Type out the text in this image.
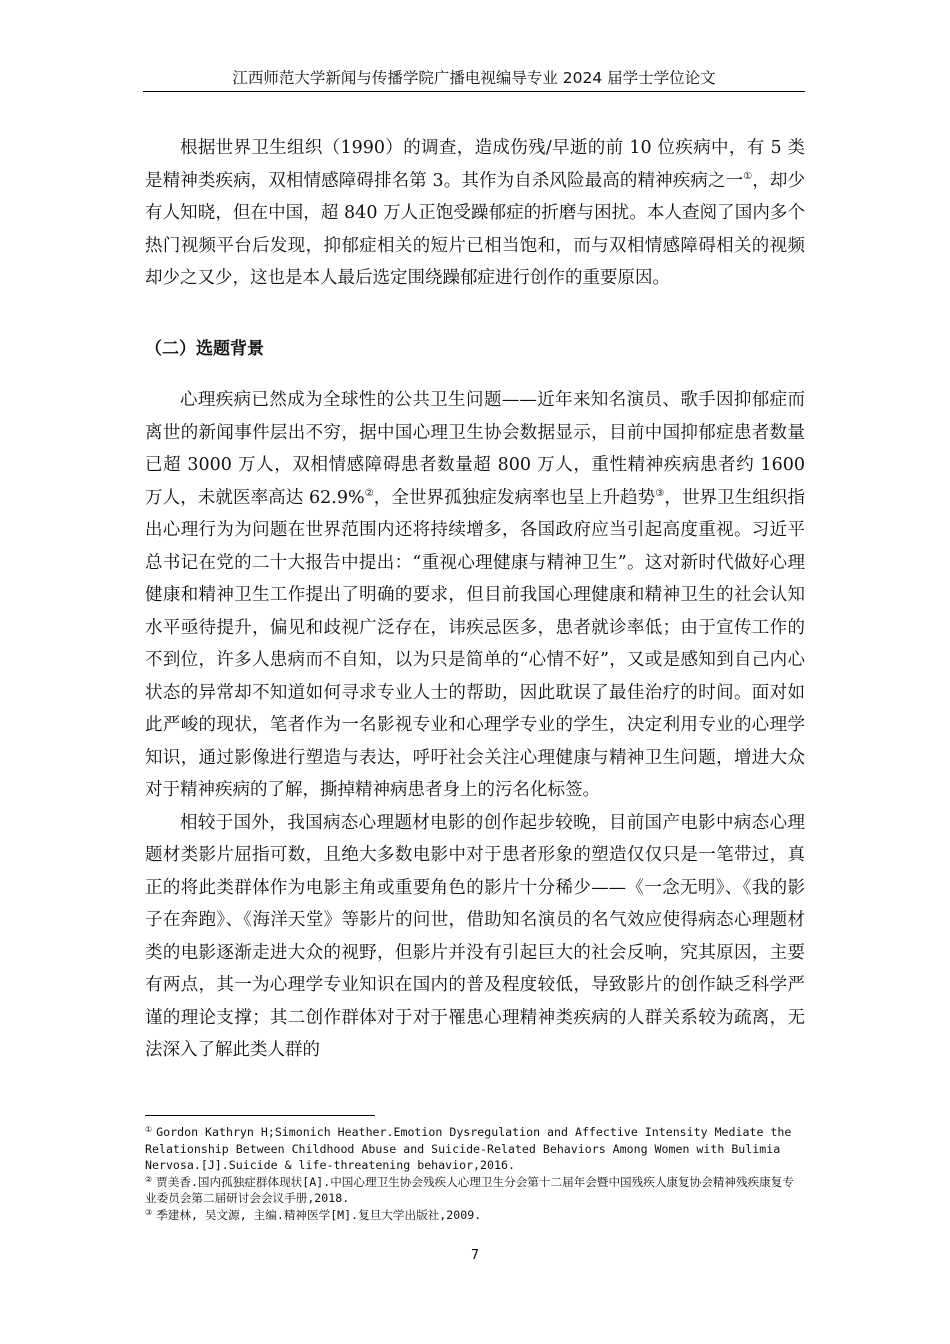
江西师范大学新闻与传播学院广播电视编导专业 2024 届学士学位论文

根据世界卫生组织（1990）的调查，造成伤残/早逝的前 10 位疾病中，有 5 类是精神类疾病，双相情感障碍排名第 3。其作为自杀风险最高的精神疾病之一①，却少有人知晓，但在中国，超 840 万人正饱受躁郁症的折磨与困扰。本人查阅了国内多个热门视频平台后发现，抑郁症相关的短片已相当饱和，而与双相情感障碍相关的视频却少之又少，这也是本人最后选定围绕躁郁症进行创作的重要原因。

（二）选题背景

心理疾病已然成为全球性的公共卫生问题——近年来知名演员、歌手因抑郁症而离世的新闻事件层出不穷，据中国心理卫生协会数据显示，目前中国抑郁症患者数量已超 3000 万人，双相情感障碍患者数量超 800 万人，重性精神疾病患者约 1600 万人，未就医率高达 62.9%②，全世界孤独症发病率也呈上升趋势③，世界卫生组织指出心理行为为问题在世界范围内还将持续增多，各国政府应当引起高度重视。习近平总书记在党的二十大报告中提出：“重视心理健康与精神卫生”。这对新时代做好心理健康和精神卫生工作提出了明确的要求，但目前我国心理健康和精神卫生的社会认知水平亟待提升，偏见和歧视广泛存在，讳疾忌医多，患者就诊率低；由于宣传工作的不到位，许多人患病而不自知，以为只是简单的“心情不好”，又或是感知到自己内心状态的异常却不知道如何寻求专业人士的帮助，因此耽误了最佳治疗的时间。面对如此严峻的现状，笔者作为一名影视专业和心理学专业的学生，决定利用专业的心理学知识，通过影像进行塑造与表达，呼吁社会关注心理健康与精神卫生问题，增进大众对于精神疾病的了解，撕掉精神病患者身上的污名化标签。

相较于国外，我国病态心理题材电影的创作起步较晚，目前国产电影中病态心理题材类影片屈指可数，且绝大多数电影中对于患者形象的塑造仅仅只是一笔带过，真正的将此类群体作为电影主角或重要角色的影片十分稀少——《一念无明》、《我的影子在奔跑》、《海洋天堂》等影片的问世，借助知名演员的名气效应使得病态心理题材类的电影逐渐走进大众的视野，但影片并没有引起巨大的社会反响，究其原因，主要有两点，其一为心理学专业知识在国内的普及程度较低，导致影片的创作缺乏科学严谨的理论支撑；其二创作群体对于对于罹患心理精神类疾病的人群关系较为疏离，无法深入了解此类人群的

① Gordon Kathryn H;Simonich Heather.Emotion Dysregulation and Affective Intensity Mediate the Relationship Between Childhood Abuse and Suicide-Related Behaviors Among Women with Bulimia Nervosa.[J].Suicide & life-threatening behavior,2016.

② 贾美香.国内孤独症群体现状[A].中国心理卫生协会残疾人心理卫生分会第十二届年会暨中国残疾人康复协会精神残疾康复专业委员会第二届研讨会会议手册,2018.

③ 季建林, 吴文源, 主编.精神医学[M].复旦大学出版社,2009.

7
